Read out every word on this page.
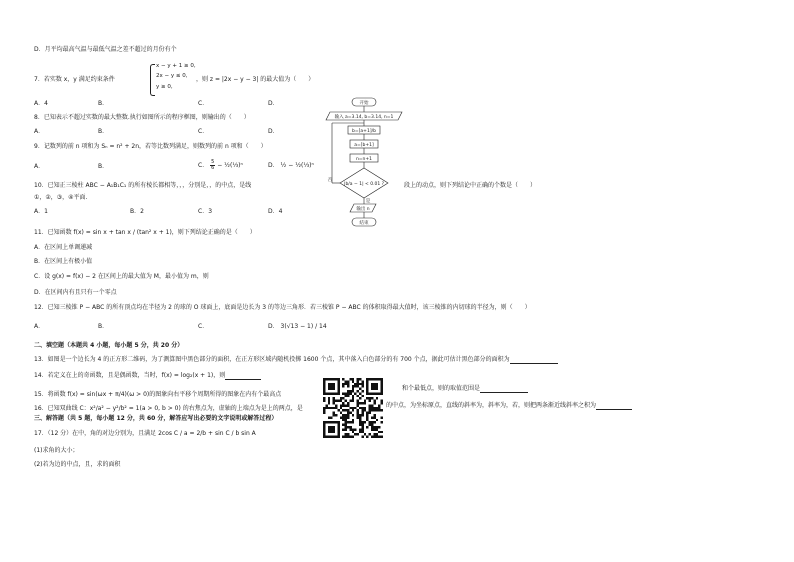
D．月平均最高气温与最低气温之差不超过的月份有个
7．若实数 x，y 满足约束条件
x − y + 1 ≥ 0,
2x − y ≤ 0,
y ≥ 0,
，则 z = |2x − y − 3| 的最大值为（　　）
A．4	B．	C．	D．
8．已知表示不超过实数的最大整数.执行如图所示的程序框图，则输出的（　　）
A．	B．	C．	D．
9．记数列的前 n 项和为 Sₙ = n² + 2n，若等比数列满足，则数列的前 n 项和（　　）
A．	B．	C． $\frac{5}{6}$ − ½(⅓)ⁿ	D． ½ − ½(⅓)ⁿ
10．已知正三棱柱 ABC − A₁B₁C₁ 的所有棱长都相等，，，分别是，，的中点，是线	段上的动点，则下列结论中正确的个数是（　　）
①，②，③，④平面.
A．1	B．2	C．3	D．4
11．已知函数 f(x) = sin x + tan x / (tan² x + 1)，则下列结论正确的是（　　）
A．在区间上单调递减
B．在区间上有极小值
C．设 g(x) = f(x) − 2 在区间上的最大值为 M，最小值为 m，则
D．在区间内有且只有一个零点
12．已知三棱锥 P − ABC 的所有顶点均在半径为 2 的球的 O 球面上，底面是边长为 3 的等边三角形．若三棱锥 P − ABC 的体积取得最大值时，该三棱锥的内切球的半径为，则（　　）
A．	B．	C．	D． 3(√13 − 1) / 14
二、填空题（本题共 4 小题，每小题 5 分，共 20 分）
13．如图是一个边长为 4 的正方形二维码，为了测算图中黑色部分的面积，在正方形区域内随机投掷 1600 个点，其中落入白色部分的有 700 个点，据此可估计黑色部分的面积为
14．若定义在上的奇函数，且是偶函数，当时，f(x) = log₂(x + 1)，则
15．将函数 f(x) = sin(ωx + π/4)(ω > 0)的图象向右平移个周期所得的图象在内有个最高点
和个最低点，则的取值范围是
16．已知双曲线 C：x²/a² − y²/b² = 1(a > 0, b > 0) 的右焦点为，虚轴的上端点为是上的两点，是	的中点，为坐标原点，直线的斜率为，斜率为，若，则把两条渐近线斜率之积为
三、解答题（共 5 题，每小题 12 分，共 60 分，解答应写出必要的文字说明或解答过程）
17．（12 分）在中，角的对边分别为，且满足 2cos C / a = 2/b + sin C / b sin A
(1)求角的大小；
(2)若为边的中点，且，求的面积
开始
输入 a=3.14, b=3.14, n=1
b=[a+1]/b
a=[b+1]
n=n+1
|b/a − 1| < 0.01 ?
否
是
输出 n
结束
